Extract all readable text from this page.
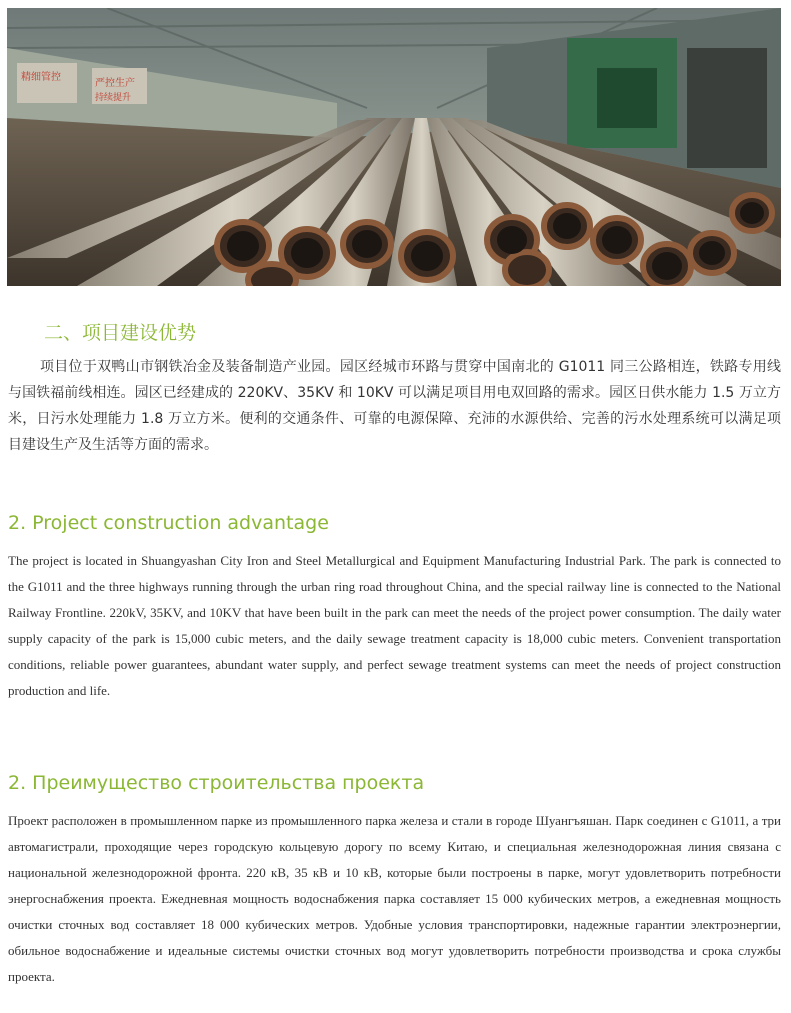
精细管控
严控生产
持续提升
二、项目建设优势

项目位于双鸭山市钢铁冶金及装备制造产业园。园区经城市环路与贯穿中国南北的 G1011 同三公路相连，铁路专用线与国铁福前线相连。园区已经建成的 220KV、35KV 和 10KV 可以满足项目用电双回路的需求。园区日供水能力 1.5 万立方米，日污水处理能力 1.8 万立方米。便利的交通条件、可靠的电源保障、充沛的水源供给、完善的污水处理系统可以满足项目建设生产及生活等方面的需求。

2. Project construction advantage

The project is located in Shuangyashan City Iron and Steel Metallurgical and Equipment Manufacturing Industrial Park. The park is connected to the G1011 and the three highways running through the urban ring road throughout China, and the special railway line is connected to the National Railway Frontline. 220kV, 35KV, and 10KV that have been built in the park can meet the needs of the project power consumption. The daily water supply capacity of the park is 15,000 cubic meters, and the daily sewage treatment capacity is 18,000 cubic meters. Convenient transportation conditions, reliable power guarantees, abundant water supply, and perfect sewage treatment systems can meet the needs of project construction production and life.

2. Преимущество строительства проекта

Проект расположен в промышленном парке из промышленного парка железа и стали в городе Шуангъяшан. Парк соединен с G1011, а три автомагистрали, проходящие через городскую кольцевую дорогу по всему Китаю, и специальная железнодорожная линия связана с национальной железнодорожной фронта. 220 кВ, 35 кВ и 10 кВ, которые были построены в парке, могут удовлетворить потребности энергоснабжения проекта. Ежедневная мощность водоснабжения парка составляет 15 000 кубических метров, а ежедневная мощность очистки сточных вод составляет 18 000 кубических метров. Удобные условия транспортировки, надежные гарантии электроэнергии, обильное водоснабжение и идеальные системы очистки сточных вод могут удовлетворить потребности производства и срока службы проекта.
